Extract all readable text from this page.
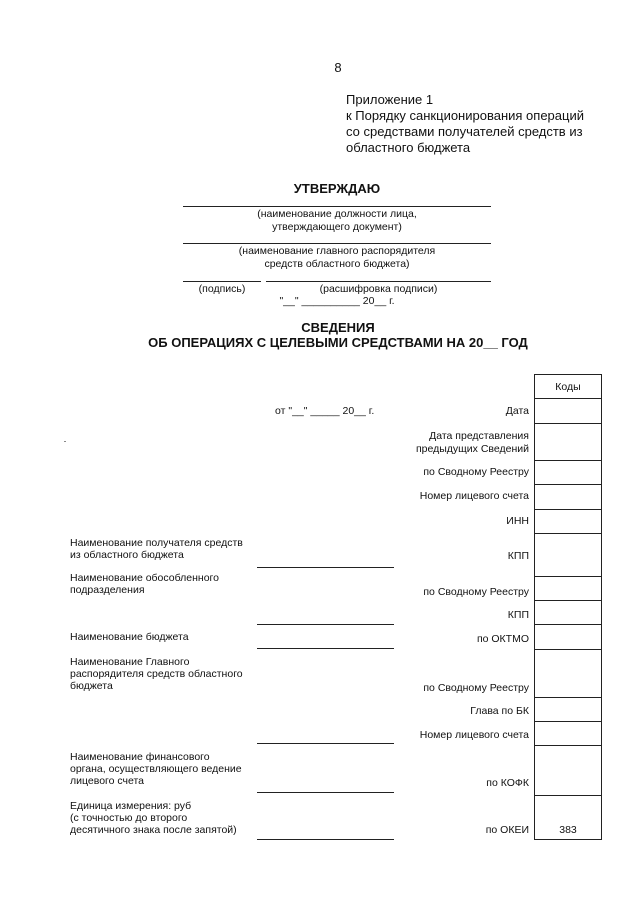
8
Приложение 1
к Порядку санкционирования операций
со средствами получателей средств из
областного бюджета
УТВЕРЖДАЮ
(наименование должности лица,
утверждающего документ)
(наименование главного распорядителя
средств областного бюджета)
(подпись)	(расшифровка подписи)
"__" __________ 20__ г.
СВЕДЕНИЯ
ОБ ОПЕРАЦИЯХ С ЦЕЛЕВЫМИ СРЕДСТВАМИ НА 20__ ГОД
от "__" _____ 20__ г.
Коды
383
Дата
Дата представления
предыдущих Сведений
по Сводному Реестру
Номер лицевого счета
ИНН
КПП
по Сводному Реестру
КПП
по ОКТМО
по Сводному Реестру
Глава по БК
Номер лицевого счета
по КОФК
по ОКЕИ
Наименование получателя средств
из областного бюджета
Наименование обособленного
подразделения
Наименование бюджета
Наименование Главного
распорядителя средств областного
бюджета
Наименование финансового
органа, осуществляющего ведение
лицевого счета
Единица измерения: руб
(с точностью до второго
десятичного знака после запятой)
